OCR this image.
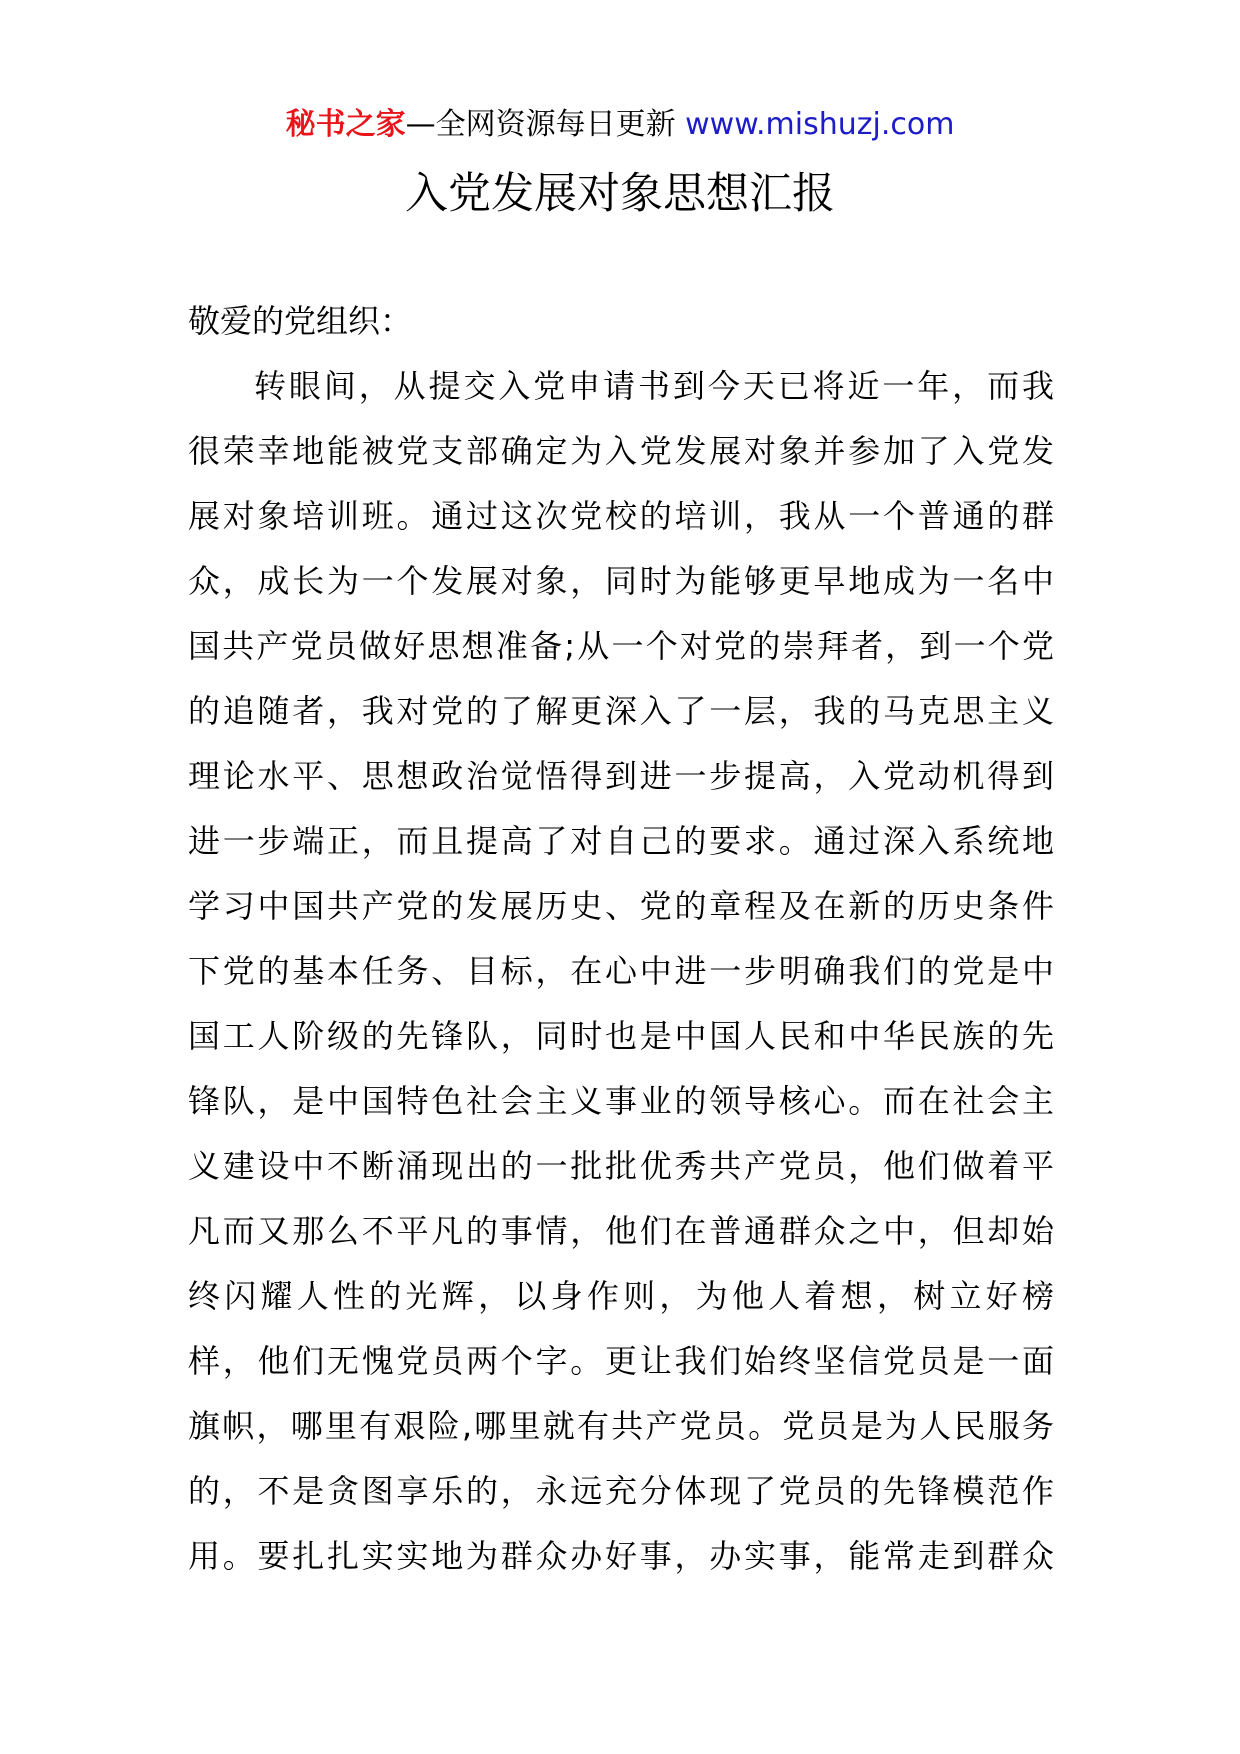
秘书之家—全网资源每日更新 www.mishuzj.com
入党发展对象思想汇报
敬爱的党组织：
转眼间，从提交入党申请书到今天已将近一年，而我
很荣幸地能被党支部确定为入党发展对象并参加了入党发
展对象培训班。通过这次党校的培训，我从一个普通的群
众，成长为一个发展对象，同时为能够更早地成为一名中
国共产党员做好思想准备;从一个对党的崇拜者，到一个党
的追随者，我对党的了解更深入了一层，我的马克思主义
理论水平、思想政治觉悟得到进一步提高，入党动机得到
进一步端正，而且提高了对自己的要求。通过深入系统地
学习中国共产党的发展历史、党的章程及在新的历史条件
下党的基本任务、目标，在心中进一步明确我们的党是中
国工人阶级的先锋队，同时也是中国人民和中华民族的先
锋队，是中国特色社会主义事业的领导核心。而在社会主
义建设中不断涌现出的一批批优秀共产党员，他们做着平
凡而又那么不平凡的事情，他们在普通群众之中，但却始
终闪耀人性的光辉，以身作则，为他人着想，树立好榜
样，他们无愧党员两个字。更让我们始终坚信党员是一面
旗帜，哪里有艰险,哪里就有共产党员。党员是为人民服务
的，不是贪图享乐的，永远充分体现了党员的先锋模范作
用。要扎扎实实地为群众办好事，办实事，能常走到群众
